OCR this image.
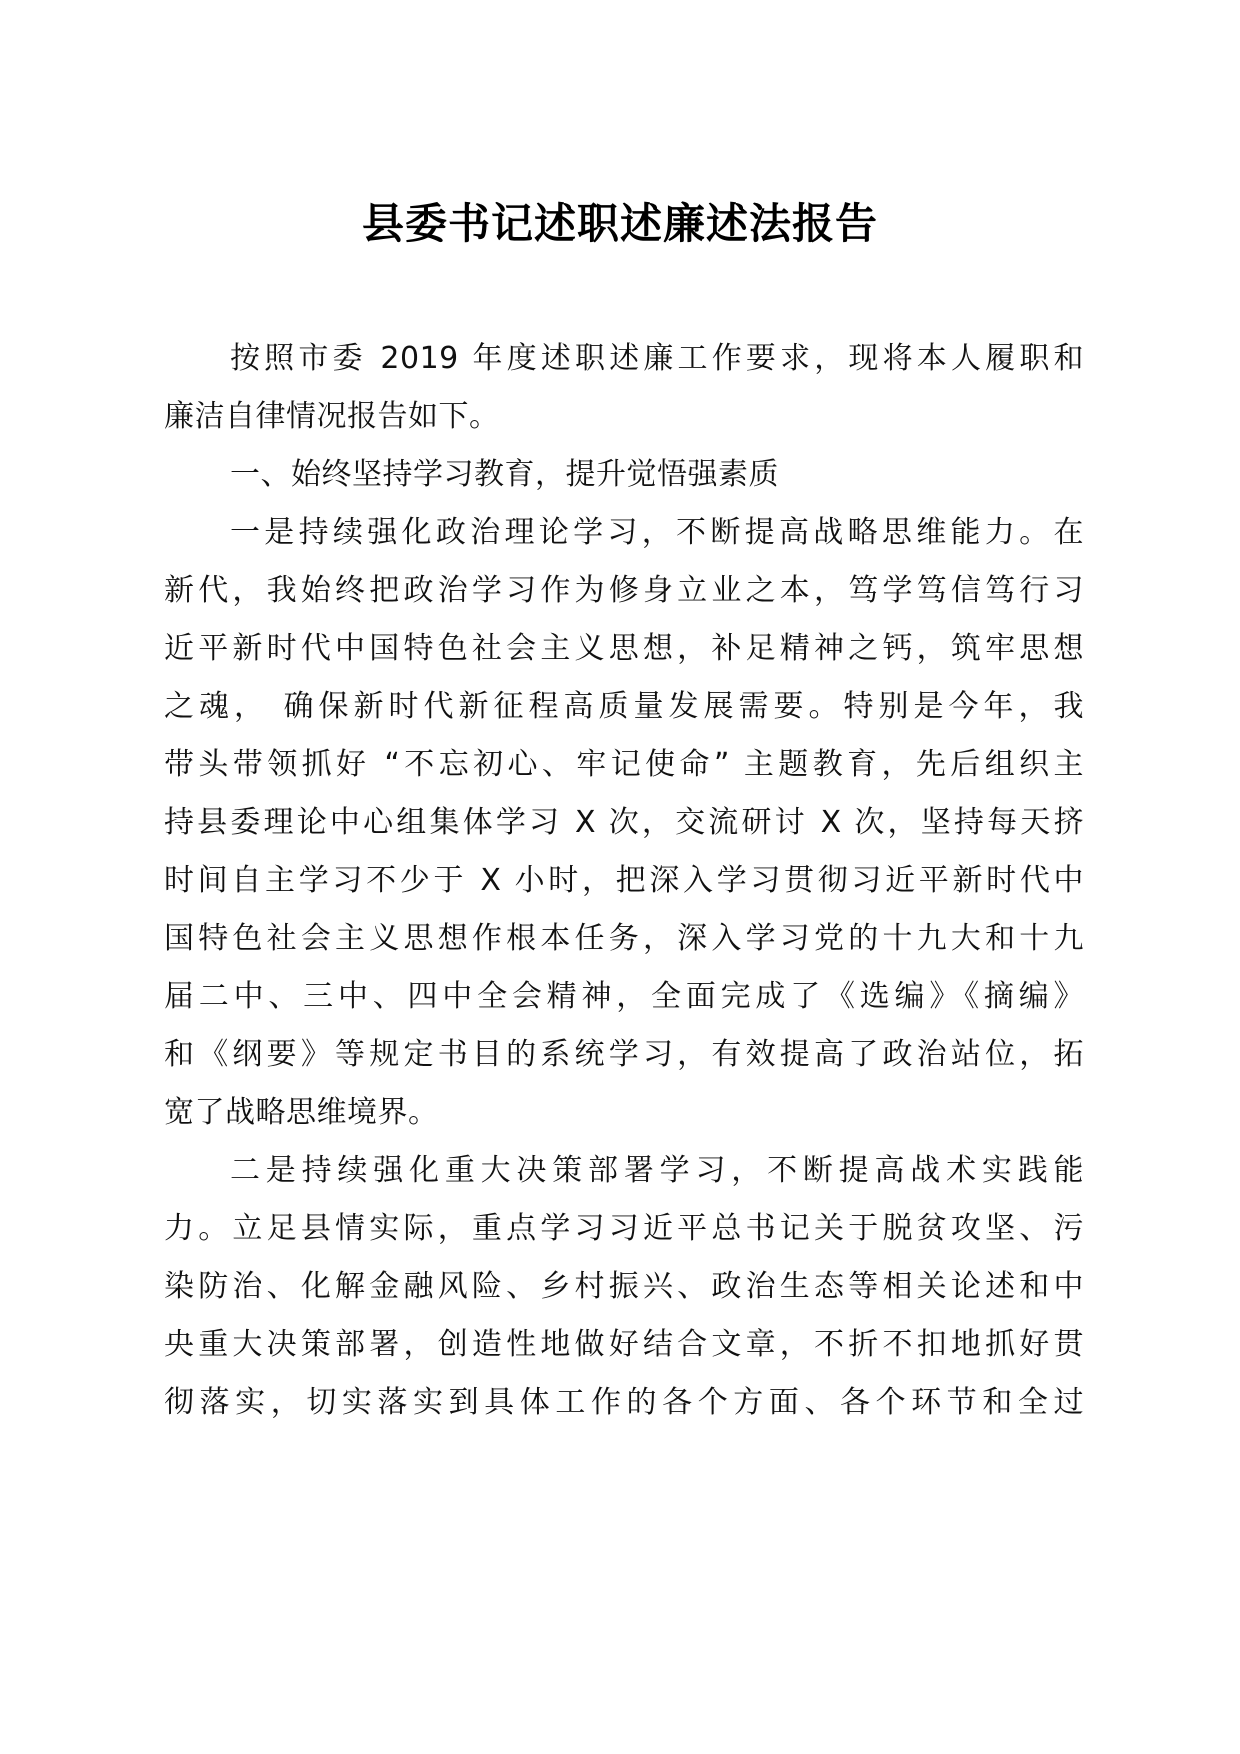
县委书记述职述廉述法报告
按照市委 2019 年度述职述廉工作要求，现将本人履职和
廉洁自律情况报告如下。
一、始终坚持学习教育，提升觉悟强素质
一是持续强化政治理论学习，不断提高战略思维能力。在
新代，我始终把政治学习作为修身立业之本，笃学笃信笃行习
近平新时代中国特色社会主义思想，补足精神之钙，筑牢思想
之魂， 确保新时代新征程高质量发展需要。特别是今年，我
带头带领抓好 “不忘初心、牢记使命” 主题教育，先后组织主
持县委理论中心组集体学习 X 次，交流研讨 X 次，坚持每天挤
时间自主学习不少于 X 小时，把深入学习贯彻习近平新时代中
国特色社会主义思想作根本任务，深入学习党的十九大和十九
届二中、三中、四中全会精神，全面完成了《选编》《摘编》
和《纲要》等规定书目的系统学习，有效提高了政治站位，拓
宽了战略思维境界。
二是持续强化重大决策部署学习，不断提高战术实践能
力。立足县情实际，重点学习习近平总书记关于脱贫攻坚、污
染防治、化解金融风险、乡村振兴、政治生态等相关论述和中
央重大决策部署，创造性地做好结合文章，不折不扣地抓好贯
彻落实，切实落实到具体工作的各个方面、各个环节和全过
